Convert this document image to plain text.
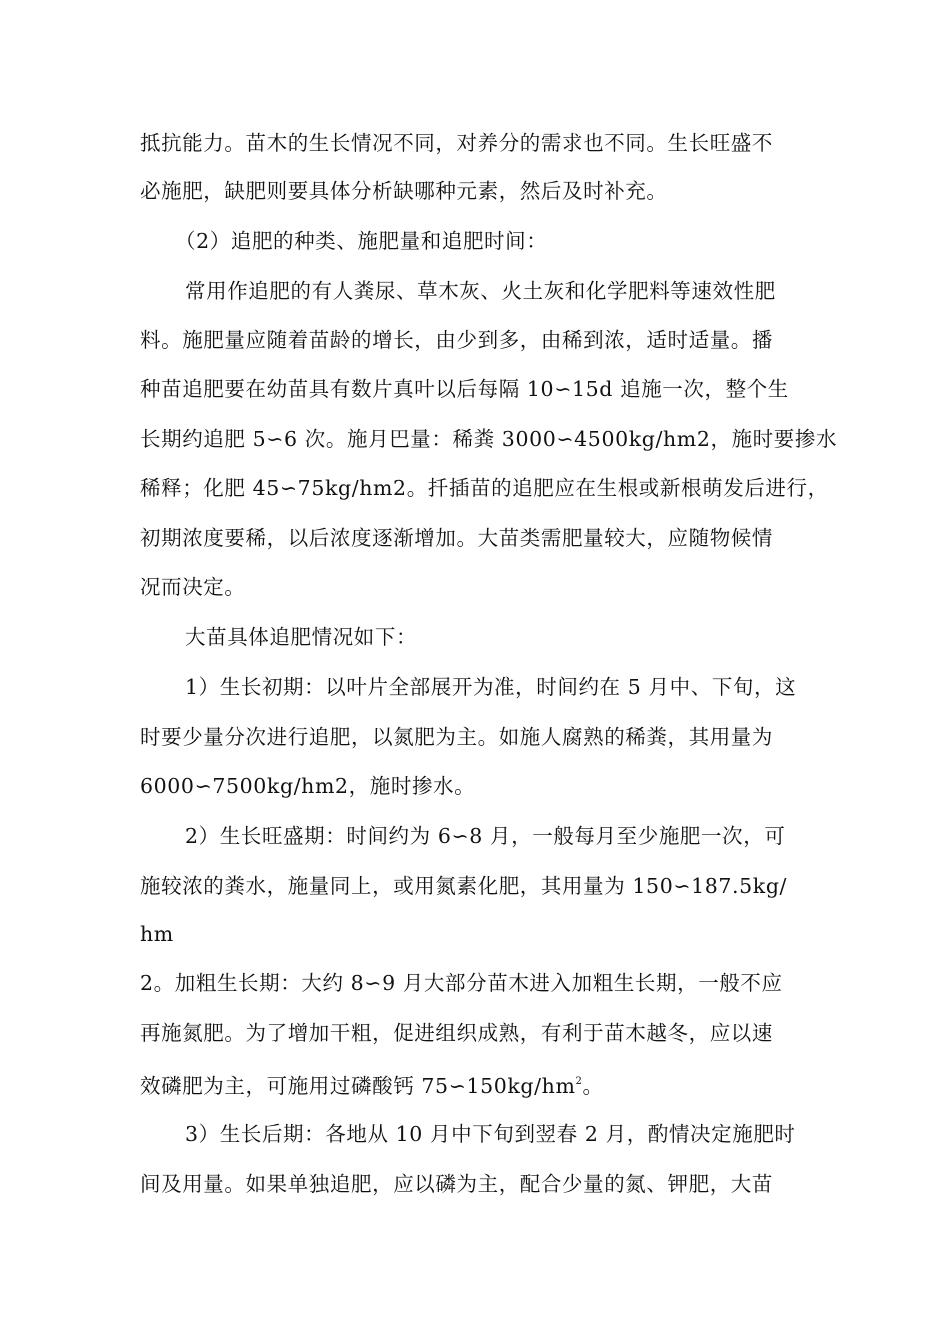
抵抗能力。苗木的生长情况不同，对养分的需求也不同。生长旺盛不
必施肥，缺肥则要具体分析缺哪种元素，然后及时补充。
（2）追肥的种类、施肥量和追肥时间：
常用作追肥的有人粪尿、草木灰、火土灰和化学肥料等速效性肥
料。施肥量应随着苗龄的增长，由少到多，由稀到浓，适时适量。播
种苗追肥要在幼苗具有数片真叶以后每隔 10∽15d 追施一次，整个生
长期约追肥 5∽6 次。施月巴量：稀粪 3000∽4500kg/hm2，施时要掺水
稀释；化肥 45∽75kg/hm2。扦插苗的追肥应在生根或新根萌发后进行，
初期浓度要稀，以后浓度逐渐增加。大苗类需肥量较大，应随物候情
况而决定。
大苗具体追肥情况如下：
1）生长初期：以叶片全部展开为准，时间约在 5 月中、下旬，这
时要少量分次进行追肥，以氮肥为主。如施人腐熟的稀粪，其用量为
6000∽7500kg/hm2，施时掺水。
2）生长旺盛期：时间约为 6∽8 月，一般每月至少施肥一次，可
施较浓的粪水，施量同上，或用氮素化肥，其用量为 150∽187.5kg/
hm
2。加粗生长期：大约 8∽9 月大部分苗木进入加粗生长期，一般不应
再施氮肥。为了增加干粗，促进组织成熟，有利于苗木越冬，应以速
效磷肥为主，可施用过磷酸钙 $75∽150kg/hm^2$。
3）生长后期：各地从 10 月中下旬到翌春 2 月，酌情决定施肥时
间及用量。如果单独追肥，应以磷为主，配合少量的氮、钾肥，大苗
